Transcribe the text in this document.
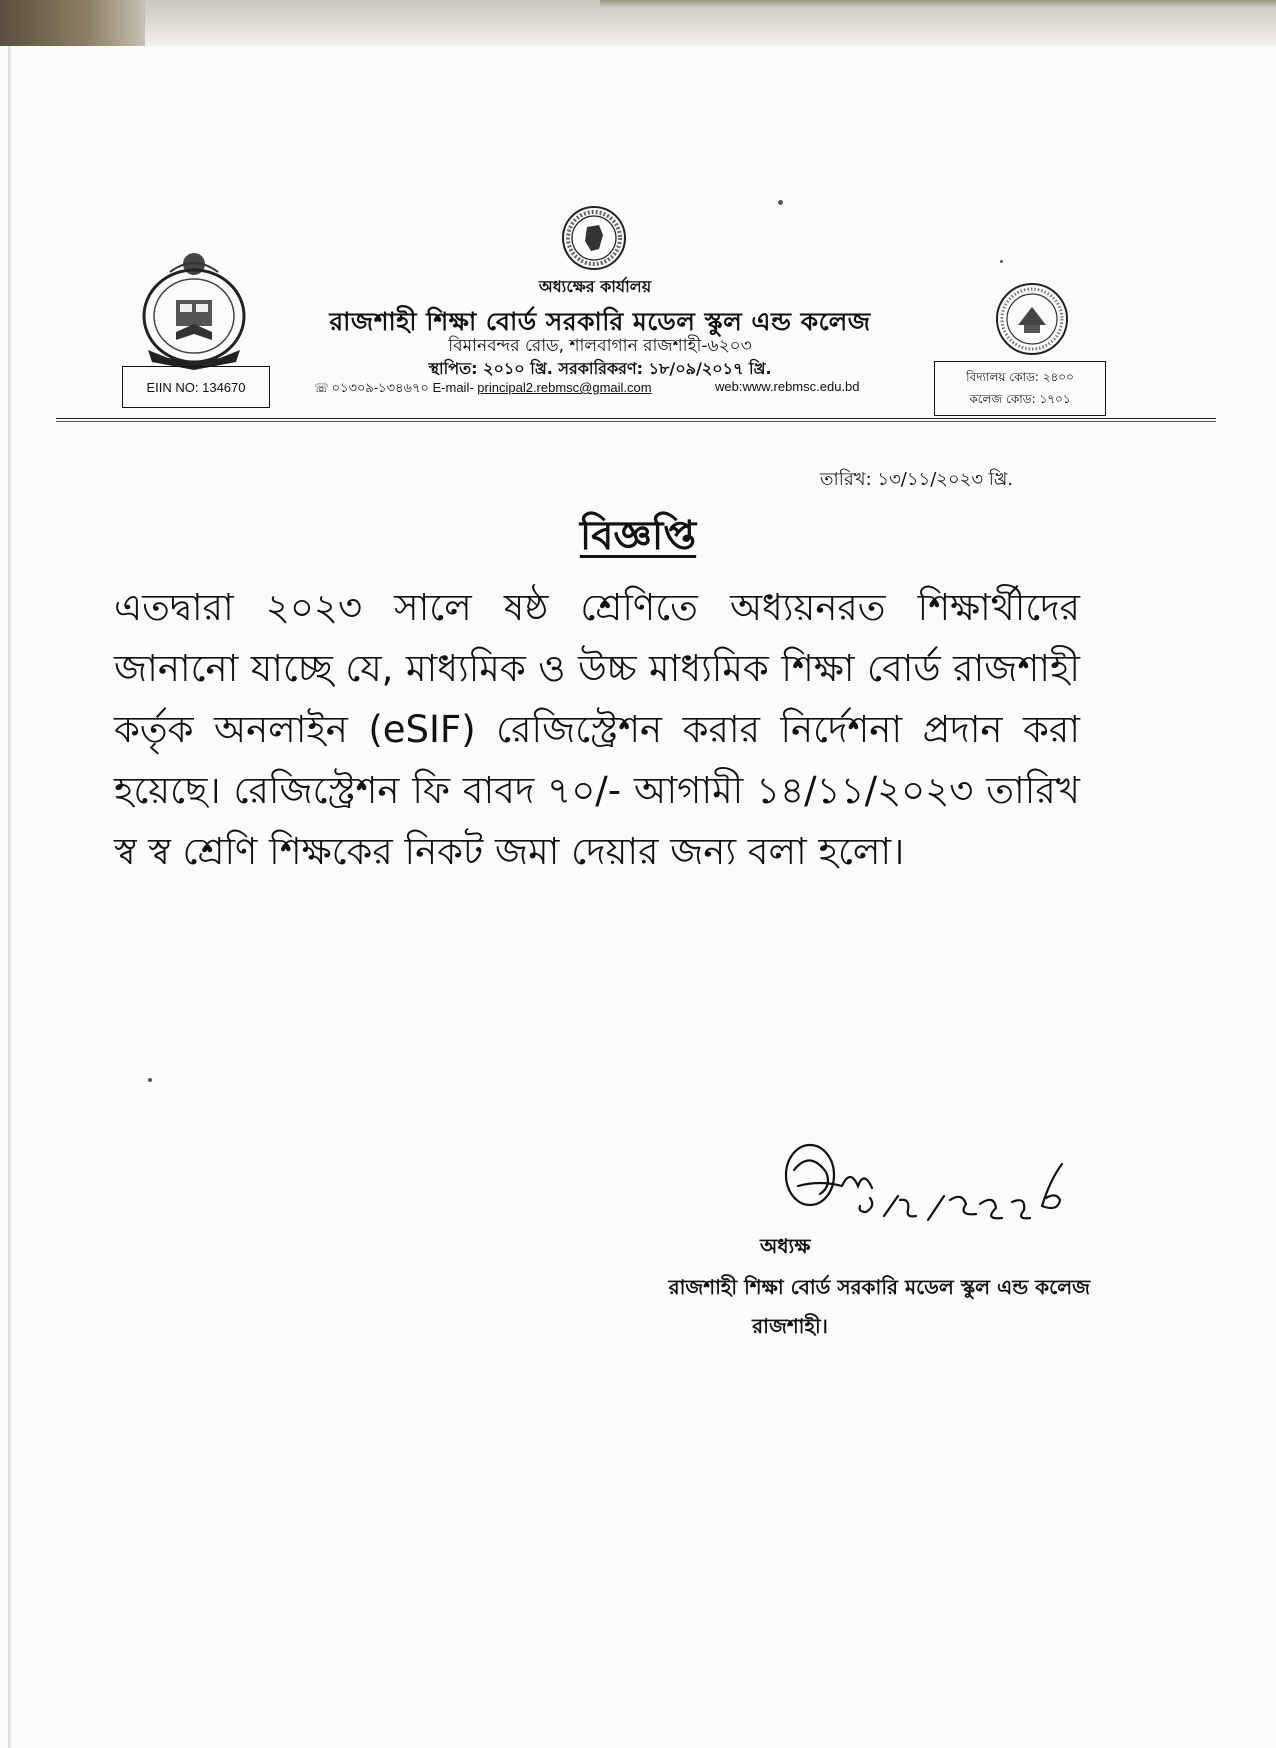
অধ্যক্ষের কার্যালয়
রাজশাহী শিক্ষা বোর্ড সরকারি মডেল স্কুল এন্ড কলেজ
বিমানবন্দর রোড, শালবাগান রাজশাহী-৬২০৩
স্থাপিত: ২০১০ খ্রি. সরকারিকরণ: ১৮/০৯/২০১৭ খ্রি.
EIIN NO: 134670	☏ ০১৩০৯-১৩৪৬৭০ E-mail- principal2.rebmsc@gmail.com	web:www.rebmsc.edu.bd
বিদ্যালয় কোড: ২৪০০
কলেজ কোড: ১৭০১
তারিখ: ১৩/১১/২০২৩ খ্রি.
বিজ্ঞপ্তি

এতদ্বারা ২০২৩ সালে ষষ্ঠ শ্রেণিতে অধ্যয়নরত শিক্ষার্থীদের জানানো যাচ্ছে যে, মাধ্যমিক ও উচ্চ মাধ্যমিক শিক্ষা বোর্ড রাজশাহী কর্তৃক অনলাইন (eSIF) রেজিস্ট্রেশন করার নির্দেশনা প্রদান করা হয়েছে। রেজিস্ট্রেশন ফি বাবদ ৭০/- আগামী ১৪/১১/২০২৩ তারিখ স্ব স্ব শ্রেণি শিক্ষকের নিকট জমা দেয়ার জন্য বলা হলো।

অধ্যক্ষ
রাজশাহী শিক্ষা বোর্ড সরকারি মডেল স্কুল এন্ড কলেজ
রাজশাহী।
